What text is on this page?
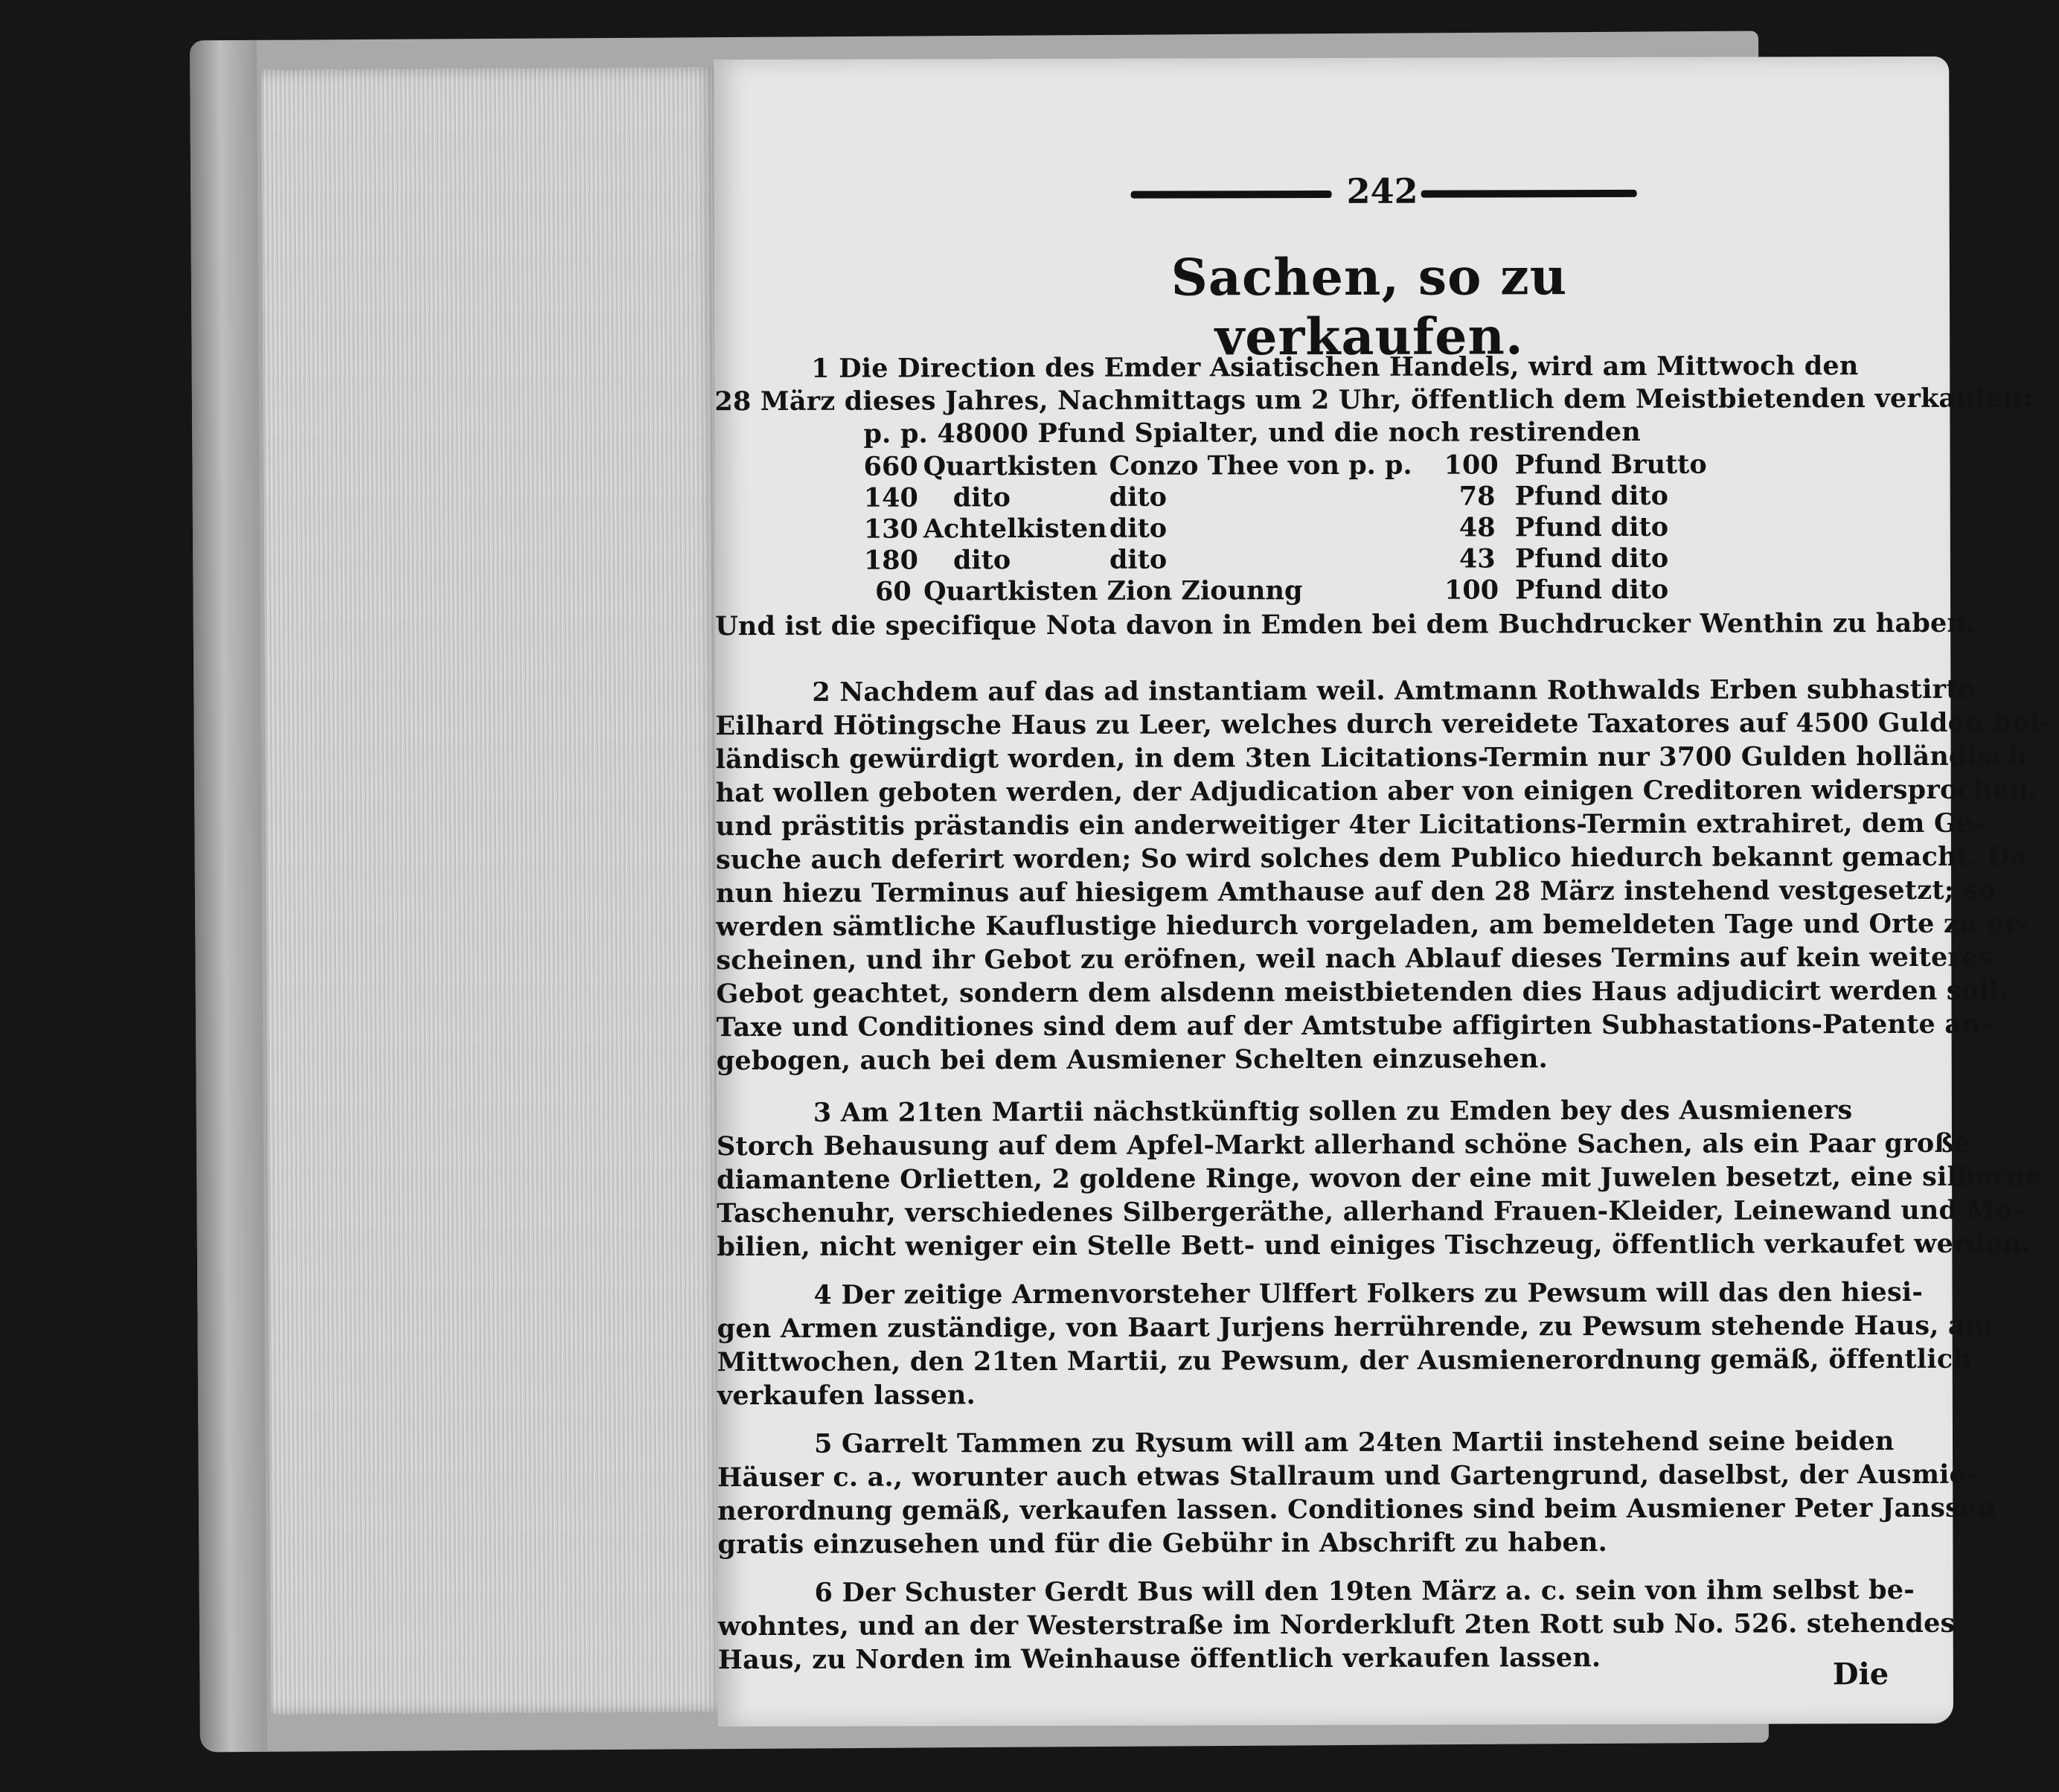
242
Sachen, so zu verkaufen.
1 Die Direction des Emder Asiatischen Handels, wird am Mittwoch den
28 März dieses Jahres, Nachmittags um 2 Uhr, öffentlich dem Meistbietenden verkaufen:
p. p. 48000 Pfund Spialter, und die noch restirenden
660 Quartkisten Conzo Thee von p. p. 100 Pfund Brutto
140 dito	dito	78 Pfund dito
130 Achtelkisten dito	48 Pfund dito
180 dito	dito	43 Pfund dito
60 Quartkisten Zion Ziounng	100 Pfund dito
Und ist die specifique Nota davon in Emden bei dem Buchdrucker Wenthin zu haben.
2 Nachdem auf das ad instantiam weil. Amtmann Rothwalds Erben subhastirte
Eilhard Hötingsche Haus zu Leer, welches durch vereidete Taxatores auf 4500 Gulden hol-
ländisch gewürdigt worden, in dem 3ten Licitations-Termin nur 3700 Gulden holländisch
hat wollen geboten werden, der Adjudication aber von einigen Creditoren widersprochen,
und prästitis prästandis ein anderweitiger 4ter Licitations-Termin extrahiret, dem Ge-
suche auch deferirt worden; So wird solches dem Publico hiedurch bekannt gemacht. Da
nun hiezu Terminus auf hiesigem Amthause auf den 28 März instehend vestgesetzt; so
werden sämtliche Kauflustige hiedurch vorgeladen, am bemeldeten Tage und Orte zu er-
scheinen, und ihr Gebot zu eröfnen, weil nach Ablauf dieses Termins auf kein weiteres
Gebot geachtet, sondern dem alsdenn meistbietenden dies Haus adjudicirt werden soll.
Taxe und Conditiones sind dem auf der Amtstube affigirten Subhastations-Patente an-
gebogen, auch bei dem Ausmiener Schelten einzusehen.
3 Am 21ten Martii nächstkünftig sollen zu Emden bey des Ausmieners
Storch Behausung auf dem Apfel-Markt allerhand schöne Sachen, als ein Paar große
diamantene Orlietten, 2 goldene Ringe, wovon der eine mit Juwelen besetzt, eine silberne
Taschenuhr, verschiedenes Silbergeräthe, allerhand Frauen-Kleider, Leinewand und Mo-
bilien, nicht weniger ein Stelle Bett- und einiges Tischzeug, öffentlich verkaufet werden.
4 Der zeitige Armenvorsteher Ulffert Folkers zu Pewsum will das den hiesi-
gen Armen zuständige, von Baart Jurjens herrührende, zu Pewsum stehende Haus, am
Mittwochen, den 21ten Martii, zu Pewsum, der Ausmienerordnung gemäß, öffentlich
verkaufen lassen.
5 Garrelt Tammen zu Rysum will am 24ten Martii instehend seine beiden
Häuser c. a., worunter auch etwas Stallraum und Gartengrund, daselbst, der Ausmie-
nerordnung gemäß, verkaufen lassen. Conditiones sind beim Ausmiener Peter Janssen
gratis einzusehen und für die Gebühr in Abschrift zu haben.
6 Der Schuster Gerdt Bus will den 19ten März a. c. sein von ihm selbst be-
wohntes, und an der Westerstraße im Norderkluft 2ten Rott sub No. 526. stehendes
Haus, zu Norden im Weinhause öffentlich verkaufen lassen.	Die
